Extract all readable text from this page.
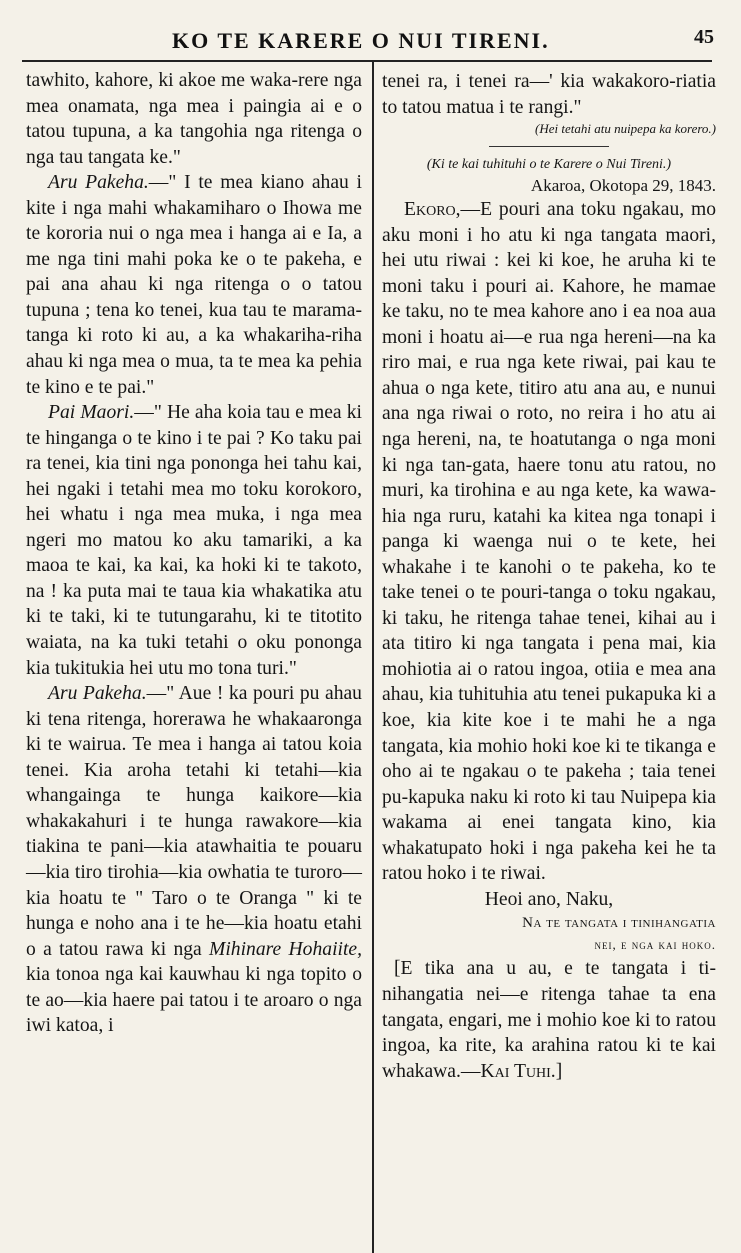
KO TE KARERE O NUI TIRENI.	45

tawhito, kahore, ki akoe me waka-rere nga mea onamata, nga mea i paingia ai e o tatou tupuna, a ka tangohia nga ritenga o nga tau tangata ke."

Aru Pakeha.—" I te mea kiano ahau i kite i nga mahi whakamiharo o Ihowa me te kororia nui o nga mea i hanga ai e Ia, a me nga tini mahi poka ke o te pakeha, e pai ana ahau ki nga ritenga o o tatou tupuna ; tena ko tenei, kua tau te marama-tanga ki roto ki au, a ka whakariha-riha ahau ki nga mea o mua, ta te mea ka pehia te kino e te pai."

Pai Maori.—" He aha koia tau e mea ki te hinganga o te kino i te pai ? Ko taku pai ra tenei, kia tini nga pononga hei tahu kai, hei ngaki i tetahi mea mo toku korokoro, hei whatu i nga mea muka, i nga mea ngeri mo matou ko aku tamariki, a ka maoa te kai, ka kai, ka hoki ki te takoto, na ! ka puta mai te taua kia whakatika atu ki te taki, ki te tutungarahu, ki te titotito waiata, na ka tuki tetahi o oku pononga kia tukitukia hei utu mo tona turi."

Aru Pakeha.—" Aue ! ka pouri pu ahau ki tena ritenga, horerawa he whakaaronga ki te wairua. Te mea i hanga ai tatou koia tenei. Kia aroha tetahi ki tetahi—kia whangainga te hunga kaikore—kia whakakahuri i te hunga rawakore—kia tiakina te pani—kia atawhaitia te pouaru—kia tiro tirohia—kia owhatia te turoro—kia hoatu te " Taro o te Oranga " ki te hunga e noho ana i te he—kia hoatu etahi o a tatou rawa ki nga Mihinare Hohaiite, kia tonoa nga kai kauwhau ki nga topito o te ao—kia haere pai tatou i te aroaro o nga iwi katoa, i

tenei ra, i tenei ra—' kia wakakoro-riatia to tatou matua i te rangi."

(Hei tetahi atu nuipepa ka korero.)

(Ki te kai tuhituhi o te Karere o Nui Tireni.)

Akaroa, Okotopa 29, 1843.

Ekoro,—E pouri ana toku ngakau, mo aku moni i ho atu ki nga tangata maori, hei utu riwai : kei ki koe, he aruha ki te moni taku i pouri ai. Kahore, he mamae ke taku, no te mea kahore ano i ea noa aua moni i hoatu ai—e rua nga hereni—na ka riro mai, e rua nga kete riwai, pai kau te ahua o nga kete, titiro atu ana au, e nunui ana nga riwai o roto, no reira i ho atu ai nga hereni, na, te hoatutanga o nga moni ki nga tan-gata, haere tonu atu ratou, no muri, ka tirohina e au nga kete, ka wawa-hia nga ruru, katahi ka kitea nga tonapi i panga ki waenga nui o te kete, hei whakahe i te kanohi o te pakeha, ko te take tenei o te pouri-tanga o toku ngakau, ki taku, he ritenga tahae tenei, kihai au i ata titiro ki nga tangata i pena mai, kia mohiotia ai o ratou ingoa, otiia e mea ana ahau, kia tuhituhia atu tenei pukapuka ki a koe, kia kite koe i te mahi he a nga tangata, kia mohio hoki koe ki te tikanga e oho ai te ngakau o te pakeha ; taia tenei pu-kapuka naku ki roto ki tau Nuipepa kia wakama ai enei tangata kino, kia whakatupato hoki i nga pakeha kei he ta ratou hoko i te riwai.

Heoi ano, Naku,

Na te tangata i tinihangatia

nei, e nga kai hoko.

[E tika ana u au, e te tangata i ti-nihangatia nei—e ritenga tahae ta ena tangata, engari, me i mohio koe ki to ratou ingoa, ka rite, ka arahina ratou ki te kai whakawa.—Kai Tuhi.]
